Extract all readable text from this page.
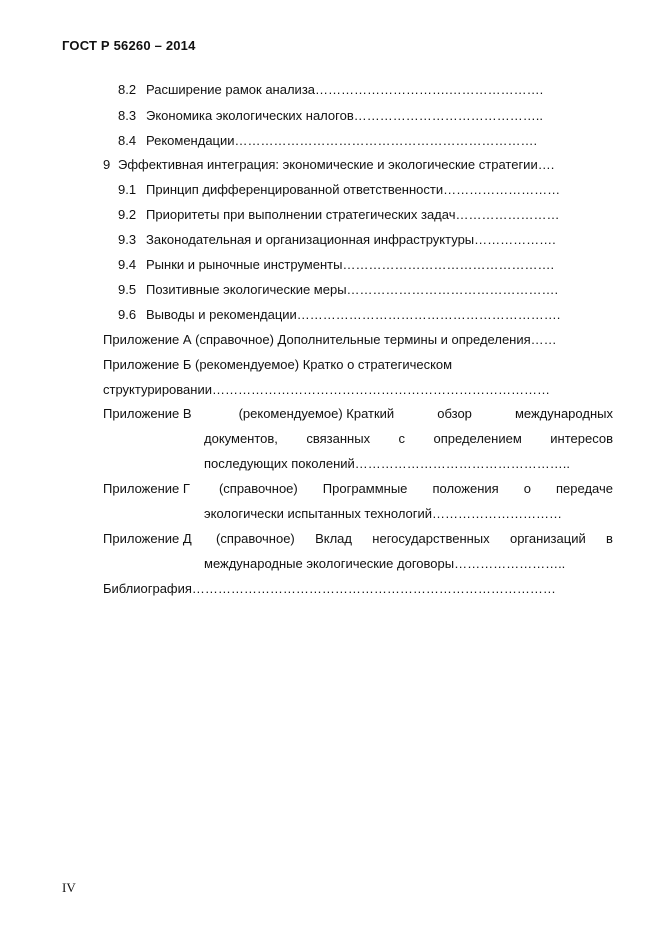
ГОСТ Р 56260 – 2014
8.2 Расширение рамок анализа………………………….………………….
8.3 Экономика экологических налогов……………………………………..
8.4 Рекомендации…………………………………………………………….
9 Эффективная интеграция: экономические и экологические стратегии….
9.1 Принцип дифференцированной ответственности………………………
9.2 Приоритеты при выполнении стратегических задач……………………
9.3 Законодательная и организационная инфраструктуры……………….
9.4 Рынки и рыночные инструменты………………………………………….
9.5 Позитивные экологические меры………………………………………….
9.6 Выводы и рекомендации…………………………………………………….
Приложение А (справочное) Дополнительные термины и определения……
Приложение Б (рекомендуемое) Кратко о стратегическом
структурировании……………………………………………………………………
Приложение В	(рекомендуемое) Краткий	обзор	международных
документов, связанных с определением интересов
последующих поколений…………………………………………..
Приложение Г (справочное) Программные положения о передаче
экологически испытанных технологий…………………………
Приложение Д (справочное) Вклад негосударственных организаций в
международные экологические договоры……………………..
Библиография…………………………………………………………………………
IV
